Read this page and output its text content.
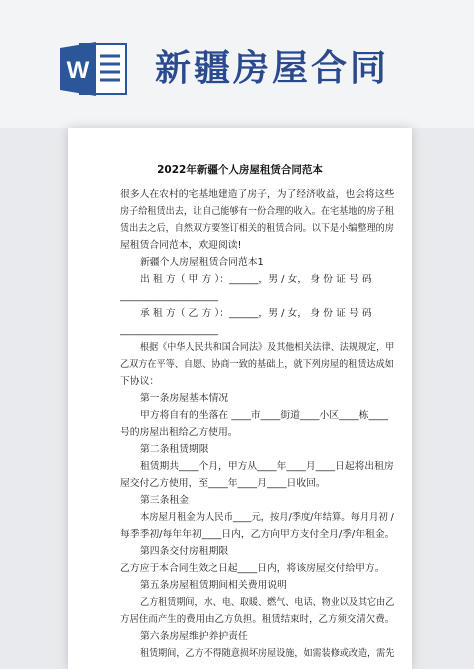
W 新疆房屋合同
2022年新疆个人房屋租赁合同范本
很多人在农村的宅基地建造了房子，为了经济收益，也会将这些
房子给租赁出去，让自己能够有一份合理的收入。在宅基地的房子租
赁出去之后，自然双方要签订相关的租赁合同。以下是小编整理的房
屋租赁合同范本，欢迎阅读!
新疆个人房屋租赁合同范本1
出 租 方（ 甲 方 ）：______，男 / 女， 身 份 证 号 码
____________________
承 租 方（ 乙 方 ）：______，男 / 女， 身 份 证 号 码
____________________
根据《中华人民共和国合同法》及其他相关法律、法规规定，甲
乙双方在平等、自愿、协商一致的基础上，就下列房屋的租赁达成如
下协议：
第一条房屋基本情况
甲方将自有的坐落在 ____市____街道____小区____栋____
号的房屋出租给乙方使用。
第二条租赁期限
租赁期共____个月，甲方从____年____月____日起将出租房
屋交付乙方使用，至____年____月____日收回。
第三条租金
本房屋月租金为人民币____元，按月/季度/年结算。每月月初 /
每季季初/每年年初____日内，乙方向甲方支付全月/季/年租金。
第四条交付房租期限
乙方应于本合同生效之日起____日内，将该房屋交付给甲方。
第五条房屋租赁期间相关费用说明
乙方租赁期间，水、电、取暖、燃气、电话、物业以及其它由乙
方居住而产生的费用由乙方负担。租赁结束时，乙方须交清欠费。
第六条房屋维护养护责任
租赁期间，乙方不得随意损坏房屋设施，如需装修或改造，需先
